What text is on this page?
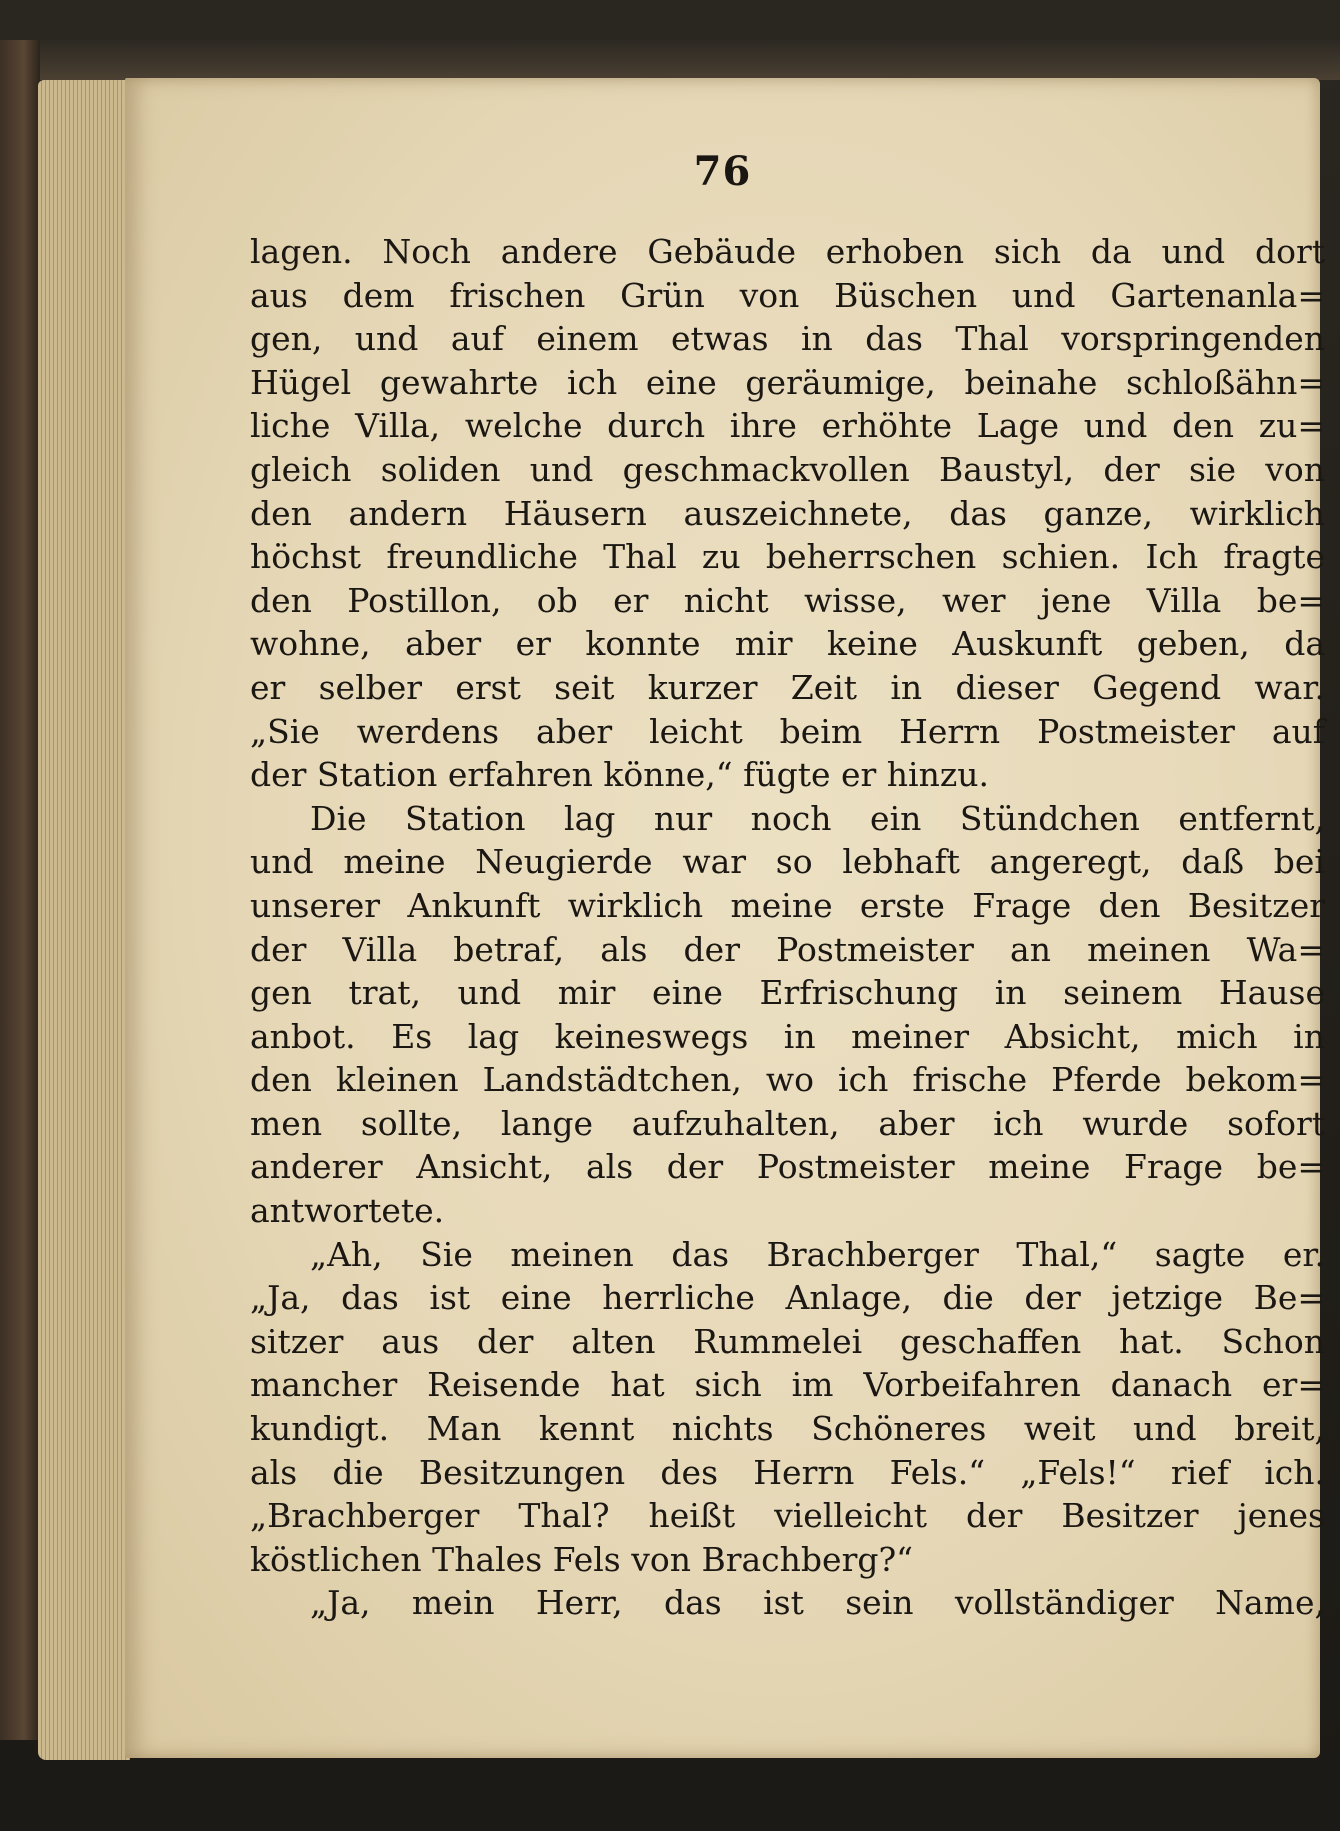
76
lagen. Noch andere Gebäude erhoben sich da und dort
aus dem frischen Grün von Büschen und Gartenanla=
gen, und auf einem etwas in das Thal vorspringenden
Hügel gewahrte ich eine geräumige, beinahe schloßähn=
liche Villa, welche durch ihre erhöhte Lage und den zu=
gleich soliden und geschmackvollen Baustyl, der sie von
den andern Häusern auszeichnete, das ganze, wirklich
höchst freundliche Thal zu beherrschen schien. Ich fragte
den Postillon, ob er nicht wisse, wer jene Villa be=
wohne, aber er konnte mir keine Auskunft geben, da
er selber erst seit kurzer Zeit in dieser Gegend war.
„Sie werdens aber leicht beim Herrn Postmeister auf
der Station erfahren könne,“ fügte er hinzu.
Die Station lag nur noch ein Stündchen entfernt,
und meine Neugierde war so lebhaft angeregt, daß bei
unserer Ankunft wirklich meine erste Frage den Besitzer
der Villa betraf, als der Postmeister an meinen Wa=
gen trat, und mir eine Erfrischung in seinem Hause
anbot. Es lag keineswegs in meiner Absicht, mich in
den kleinen Landstädtchen, wo ich frische Pferde bekom=
men sollte, lange aufzuhalten, aber ich wurde sofort
anderer Ansicht, als der Postmeister meine Frage be=
antwortete.
„Ah, Sie meinen das Brachberger Thal,“ sagte er.
„Ja, das ist eine herrliche Anlage, die der jetzige Be=
sitzer aus der alten Rummelei geschaffen hat. Schon
mancher Reisende hat sich im Vorbeifahren danach er=
kundigt. Man kennt nichts Schöneres weit und breit,
als die Besitzungen des Herrn Fels.“ „Fels!“ rief ich.
„Brachberger Thal? heißt vielleicht der Besitzer jenes
köstlichen Thales Fels von Brachberg?“
„Ja, mein Herr, das ist sein vollständiger Name,
